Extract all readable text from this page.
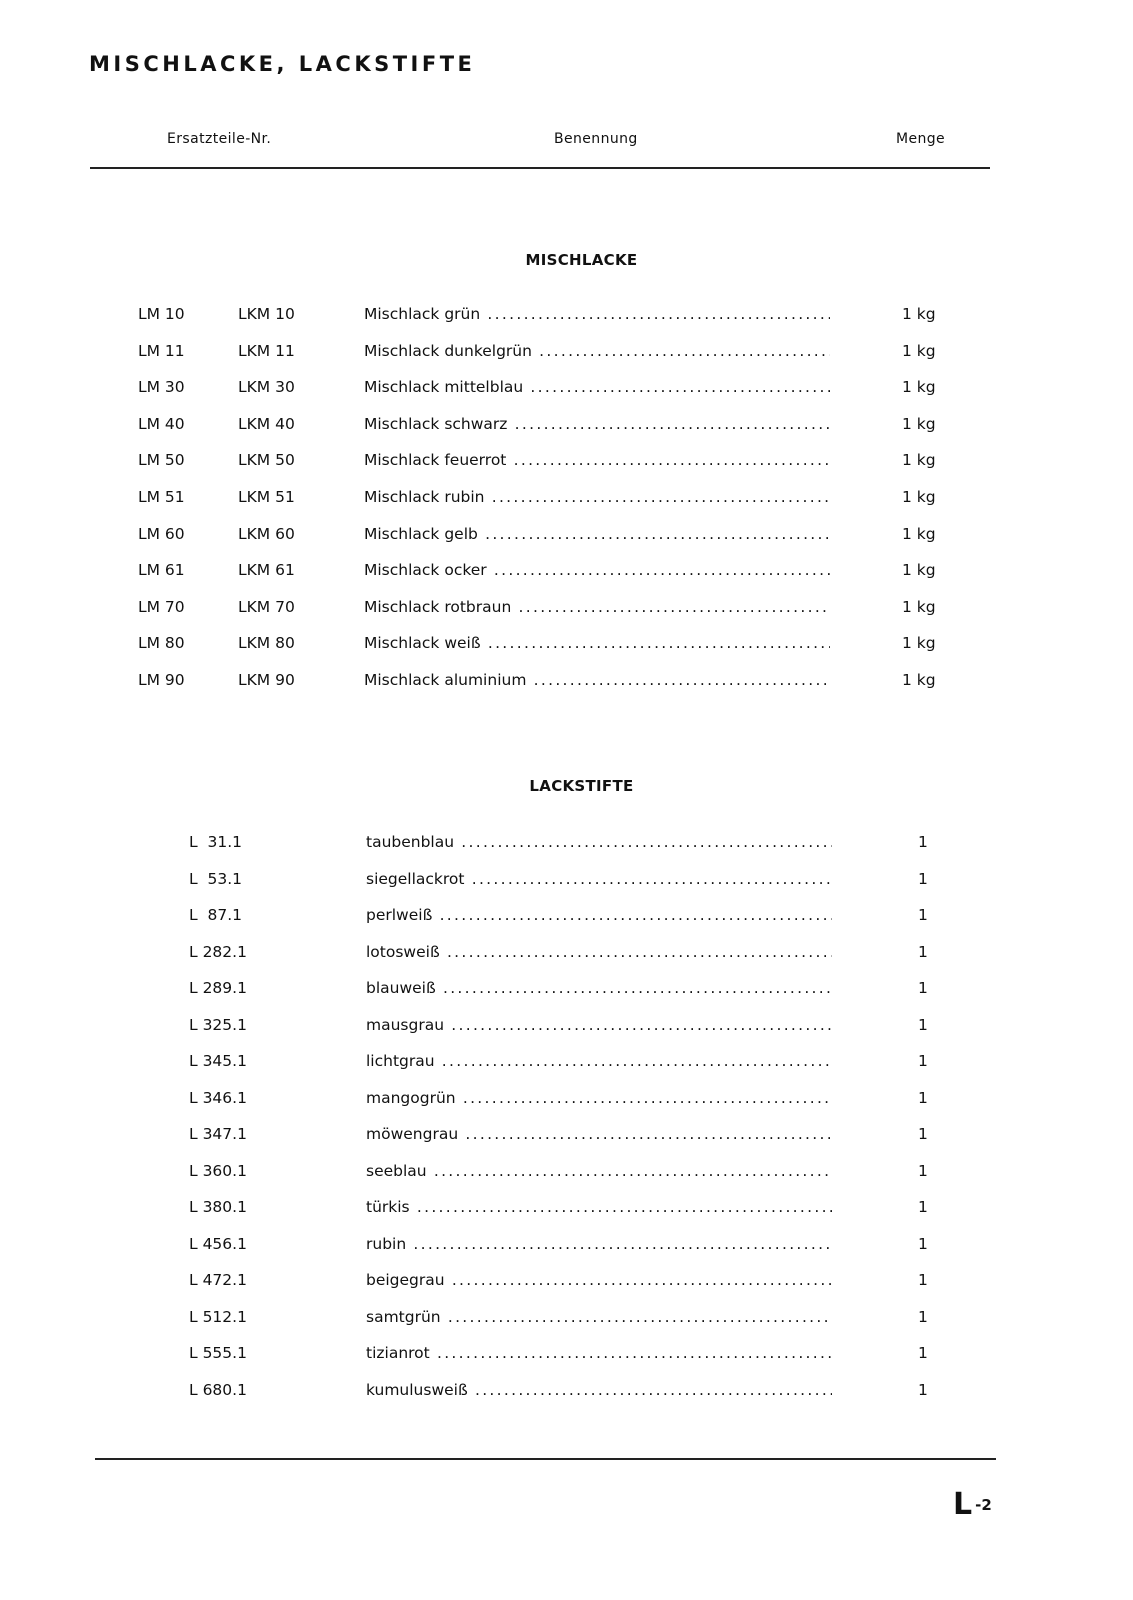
MISCHLACKE, LACKSTIFTE
Ersatzteile-Nr.	Benennung	Menge
MISCHLACKE
LM 10	LKM 10	Mischlack grün .....	1 kg
LM 11	LKM 11	Mischlack dunkelgrün .....	1 kg
LM 30	LKM 30	Mischlack mittelblau .....	1 kg
LM 40	LKM 40	Mischlack schwarz .....	1 kg
LM 50	LKM 50	Mischlack feuerrot .....	1 kg
LM 51	LKM 51	Mischlack rubin .....	1 kg
LM 60	LKM 60	Mischlack gelb .....	1 kg
LM 61	LKM 61	Mischlack ocker .....	1 kg
LM 70	LKM 70	Mischlack rotbraun .....	1 kg
LM 80	LKM 80	Mischlack weiß .....	1 kg
LM 90	LKM 90	Mischlack aluminium .....	1 kg
LACKSTIFTE
L  31.1	taubenblau .....	1
L  53.1	siegellackrot .....	1
L  87.1	perlweiß .....	1
L 282.1	lotosweiß .....	1
L 289.1	blauweiß .....	1
L 325.1	mausgrau .....	1
L 345.1	lichtgrau .....	1
L 346.1	mangogrün .....	1
L 347.1	möwengrau .....	1
L 360.1	seeblau .....	1
L 380.1	türkis .....	1
L 456.1	rubin .....	1
L 472.1	beigegrau .....	1
L 512.1	samtgrün .....	1
L 555.1	tizianrot .....	1
L 680.1	kumulusweiß .....	1
L $^{-2}$
